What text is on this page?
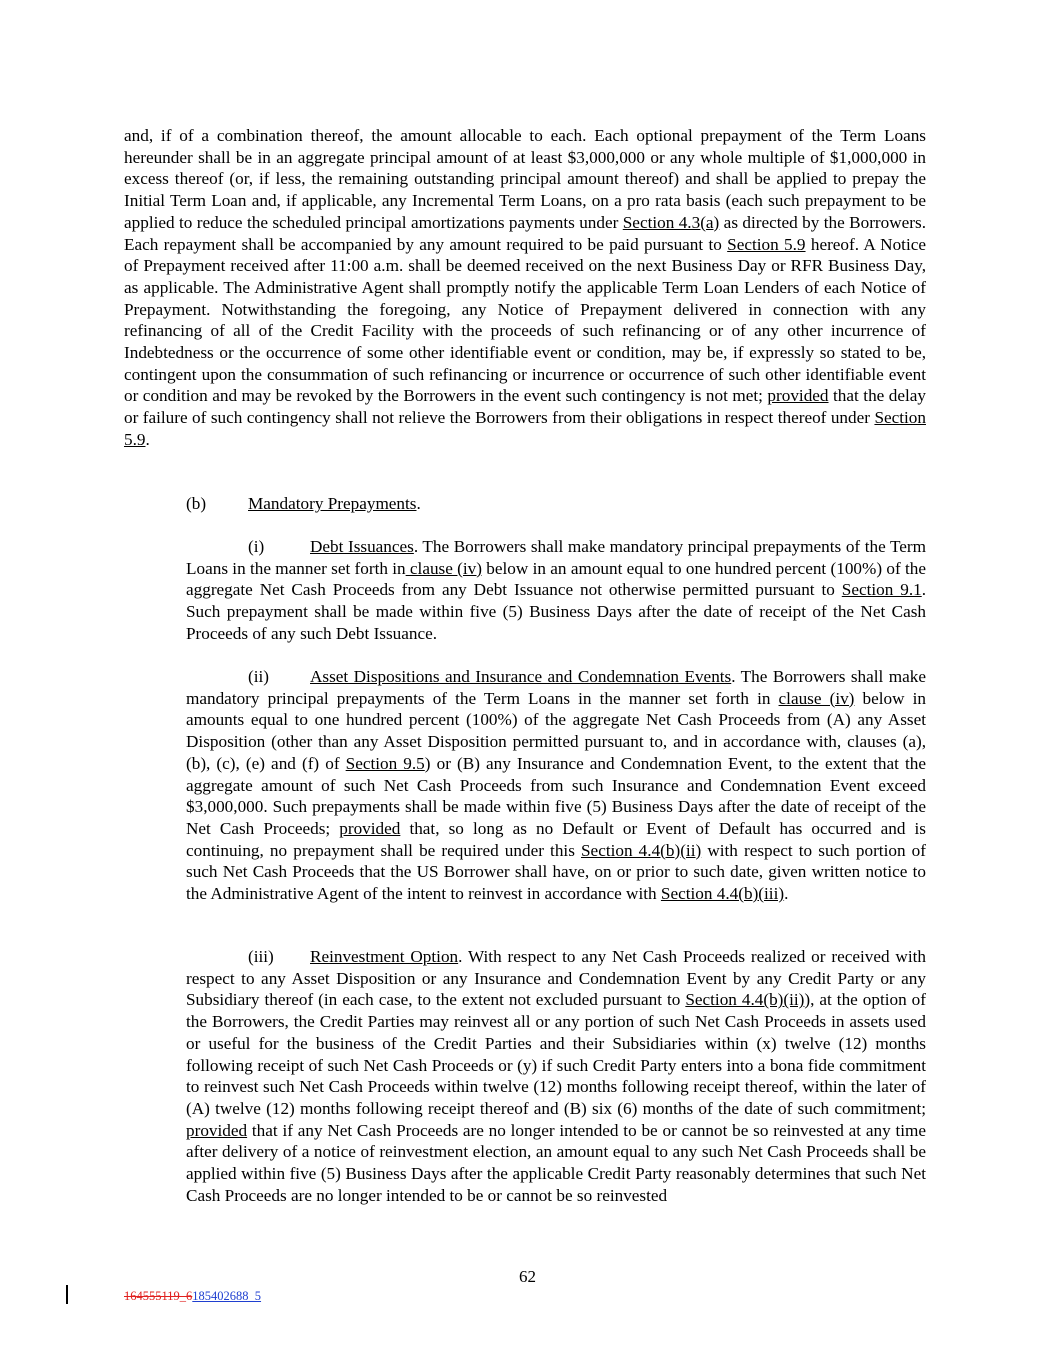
and, if of a combination thereof, the amount allocable to each. Each optional prepayment of the Term Loans hereunder shall be in an aggregate principal amount of at least $3,000,000 or any whole multiple of $1,000,000 in excess thereof (or, if less, the remaining outstanding principal amount thereof) and shall be applied to prepay the Initial Term Loan and, if applicable, any Incremental Term Loans, on a pro rata basis (each such prepayment to be applied to reduce the scheduled principal amortizations payments under Section 4.3(a) as directed by the Borrowers. Each repayment shall be accompanied by any amount required to be paid pursuant to Section 5.9 hereof. A Notice of Prepayment received after 11:00 a.m. shall be deemed received on the next Business Day or RFR Business Day, as applicable. The Administrative Agent shall promptly notify the applicable Term Loan Lenders of each Notice of Prepayment. Notwithstanding the foregoing, any Notice of Prepayment delivered in connection with any refinancing of all of the Credit Facility with the proceeds of such refinancing or of any other incurrence of Indebtedness or the occurrence of some other identifiable event or condition, may be, if expressly so stated to be, contingent upon the consummation of such refinancing or incurrence or occurrence of such other identifiable event or condition and may be revoked by the Borrowers in the event such contingency is not met; provided that the delay or failure of such contingency shall not relieve the Borrowers from their obligations in respect thereof under Section 5.9.

(b) Mandatory Prepayments.

(i)	Debt Issuances. The Borrowers shall make mandatory principal prepayments of the Term Loans in the manner set forth in clause (iv) below in an amount equal to one hundred percent (100%) of the aggregate Net Cash Proceeds from any Debt Issuance not otherwise permitted pursuant to Section 9.1. Such prepayment shall be made within five (5) Business Days after the date of receipt of the Net Cash Proceeds of any such Debt Issuance.

(ii) Asset Dispositions and Insurance and Condemnation Events. The Borrowers shall make mandatory principal prepayments of the Term Loans in the manner set forth in clause (iv) below in amounts equal to one hundred percent (100%) of the aggregate Net Cash Proceeds from (A) any Asset Disposition (other than any Asset Disposition permitted pursuant to, and in accordance with, clauses (a), (b), (c), (e) and (f) of Section 9.5) or (B) any Insurance and Condemnation Event, to the extent that the aggregate amount of such Net Cash Proceeds from such Insurance and Condemnation Event exceed $3,000,000. Such prepayments shall be made within five (5) Business Days after the date of receipt of the Net Cash Proceeds; provided that, so long as no Default or Event of Default has occurred and is continuing, no prepayment shall be required under this Section 4.4(b)(ii) with respect to such portion of such Net Cash Proceeds that the US Borrower shall have, on or prior to such date, given written notice to the Administrative Agent of the intent to reinvest in accordance with Section 4.4(b)(iii).

(iii) Reinvestment Option. With respect to any Net Cash Proceeds realized or received with respect to any Asset Disposition or any Insurance and Condemnation Event by any Credit Party or any Subsidiary thereof (in each case, to the extent not excluded pursuant to Section 4.4(b)(ii)), at the option of the Borrowers, the Credit Parties may reinvest all or any portion of such Net Cash Proceeds in assets used or useful for the business of the Credit Parties and their Subsidiaries within (x) twelve (12) months following receipt of such Net Cash Proceeds or (y) if such Credit Party enters into a bona fide commitment to reinvest such Net Cash Proceeds within twelve (12) months following receipt thereof, within the later of (A) twelve (12) months following receipt thereof and (B) six (6) months of the date of such commitment; provided that if any Net Cash Proceeds are no longer intended to be or cannot be so reinvested at any time after delivery of a notice of reinvestment election, an amount equal to any such Net Cash Proceeds shall be applied within five (5) Business Days after the applicable Credit Party reasonably determines that such Net Cash Proceeds are no longer intended to be or cannot be so reinvested

62
164555119_6185402688_5
